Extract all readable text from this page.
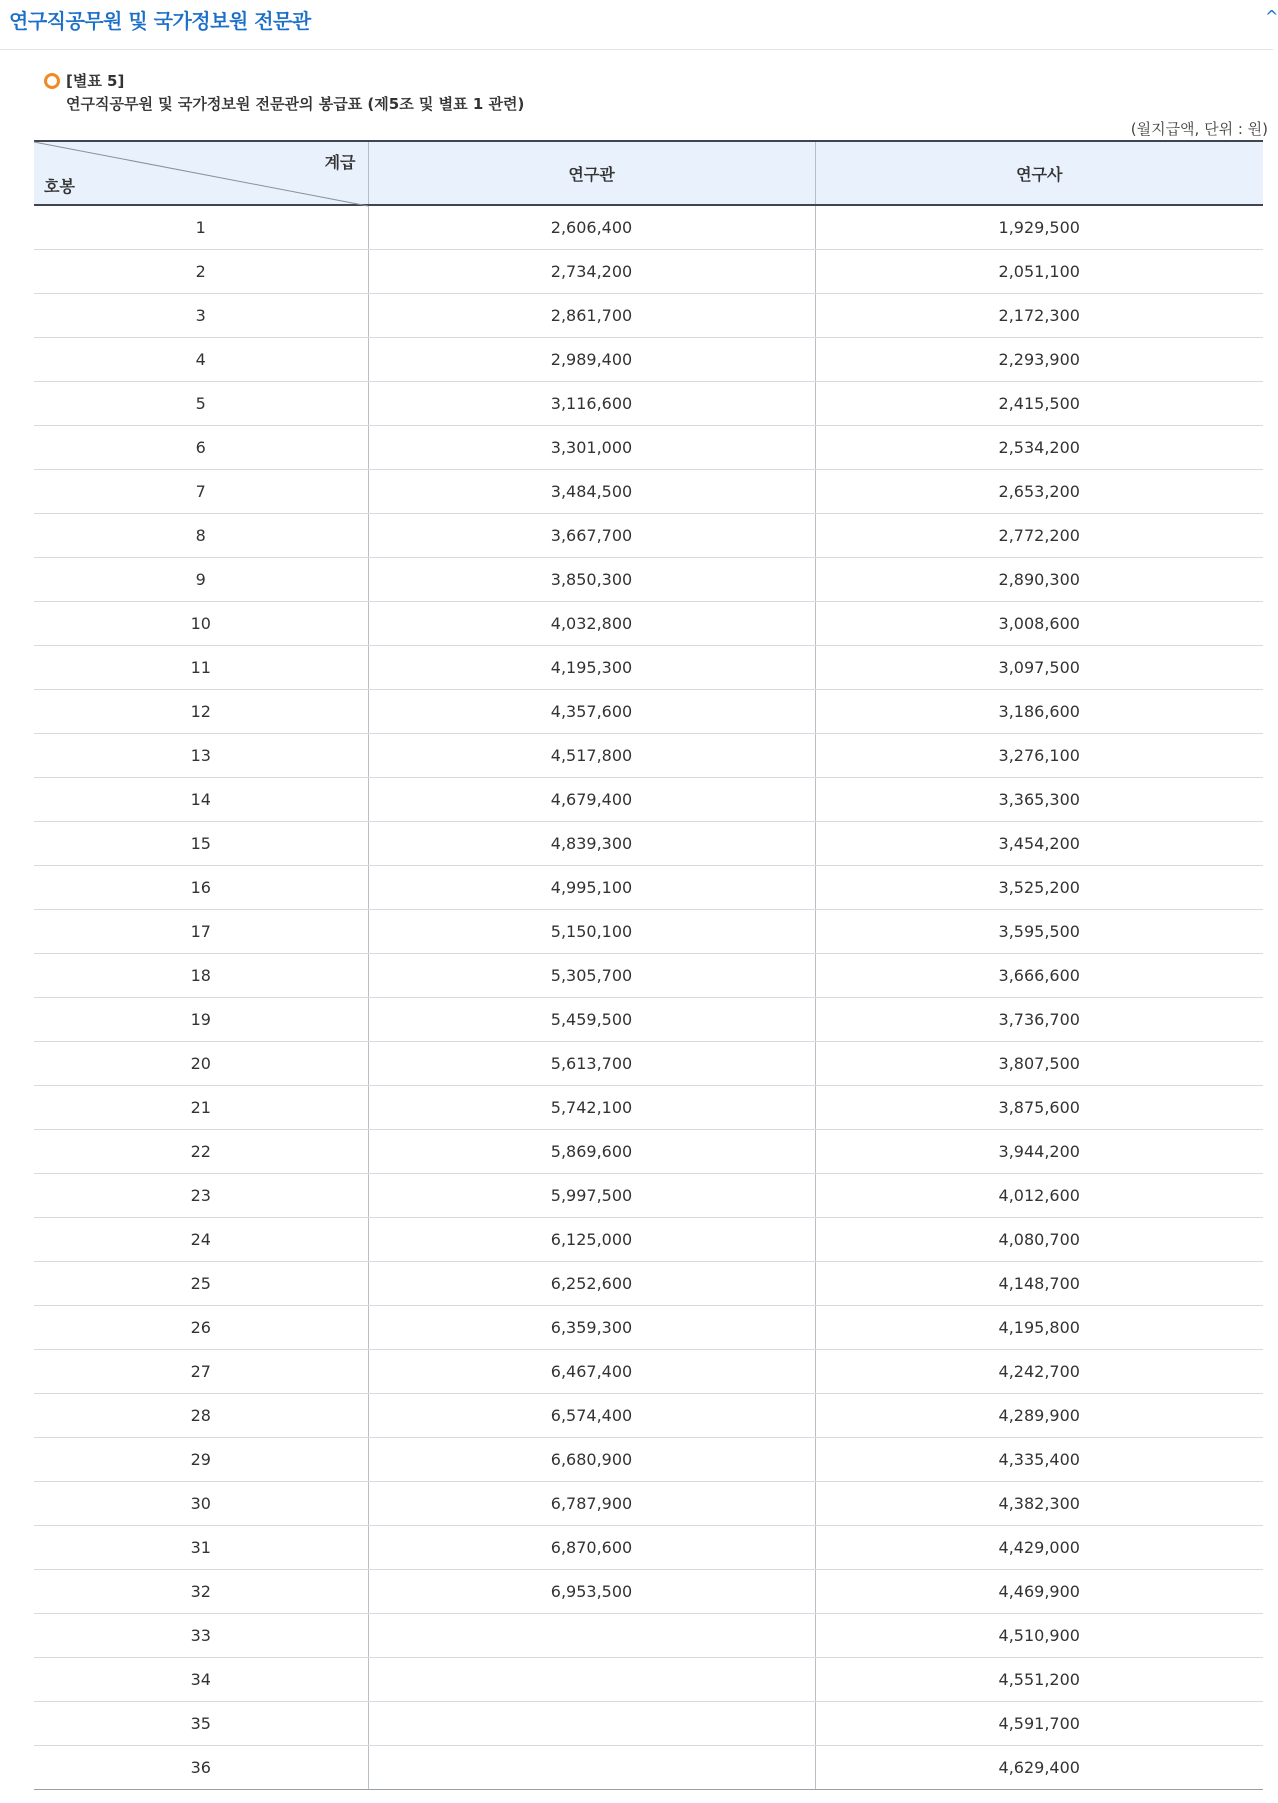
연구직공무원 및 국가정보원 전문관	^
[별표 5]
연구직공무원 및 국가정보원 전문관의 봉급표 (제5조 및 별표 1 관련)
(월지급액, 단위 : 원)
계급
호봉	연구관	연구사
1	2,606,400	1,929,500
2	2,734,200	2,051,100
3	2,861,700	2,172,300
4	2,989,400	2,293,900
5	3,116,600	2,415,500
6	3,301,000	2,534,200
7	3,484,500	2,653,200
8	3,667,700	2,772,200
9	3,850,300	2,890,300
10	4,032,800	3,008,600
11	4,195,300	3,097,500
12	4,357,600	3,186,600
13	4,517,800	3,276,100
14	4,679,400	3,365,300
15	4,839,300	3,454,200
16	4,995,100	3,525,200
17	5,150,100	3,595,500
18	5,305,700	3,666,600
19	5,459,500	3,736,700
20	5,613,700	3,807,500
21	5,742,100	3,875,600
22	5,869,600	3,944,200
23	5,997,500	4,012,600
24	6,125,000	4,080,700
25	6,252,600	4,148,700
26	6,359,300	4,195,800
27	6,467,400	4,242,700
28	6,574,400	4,289,900
29	6,680,900	4,335,400
30	6,787,900	4,382,300
31	6,870,600	4,429,000
32	6,953,500	4,469,900
33		4,510,900
34		4,551,200
35		4,591,700
36		4,629,400
